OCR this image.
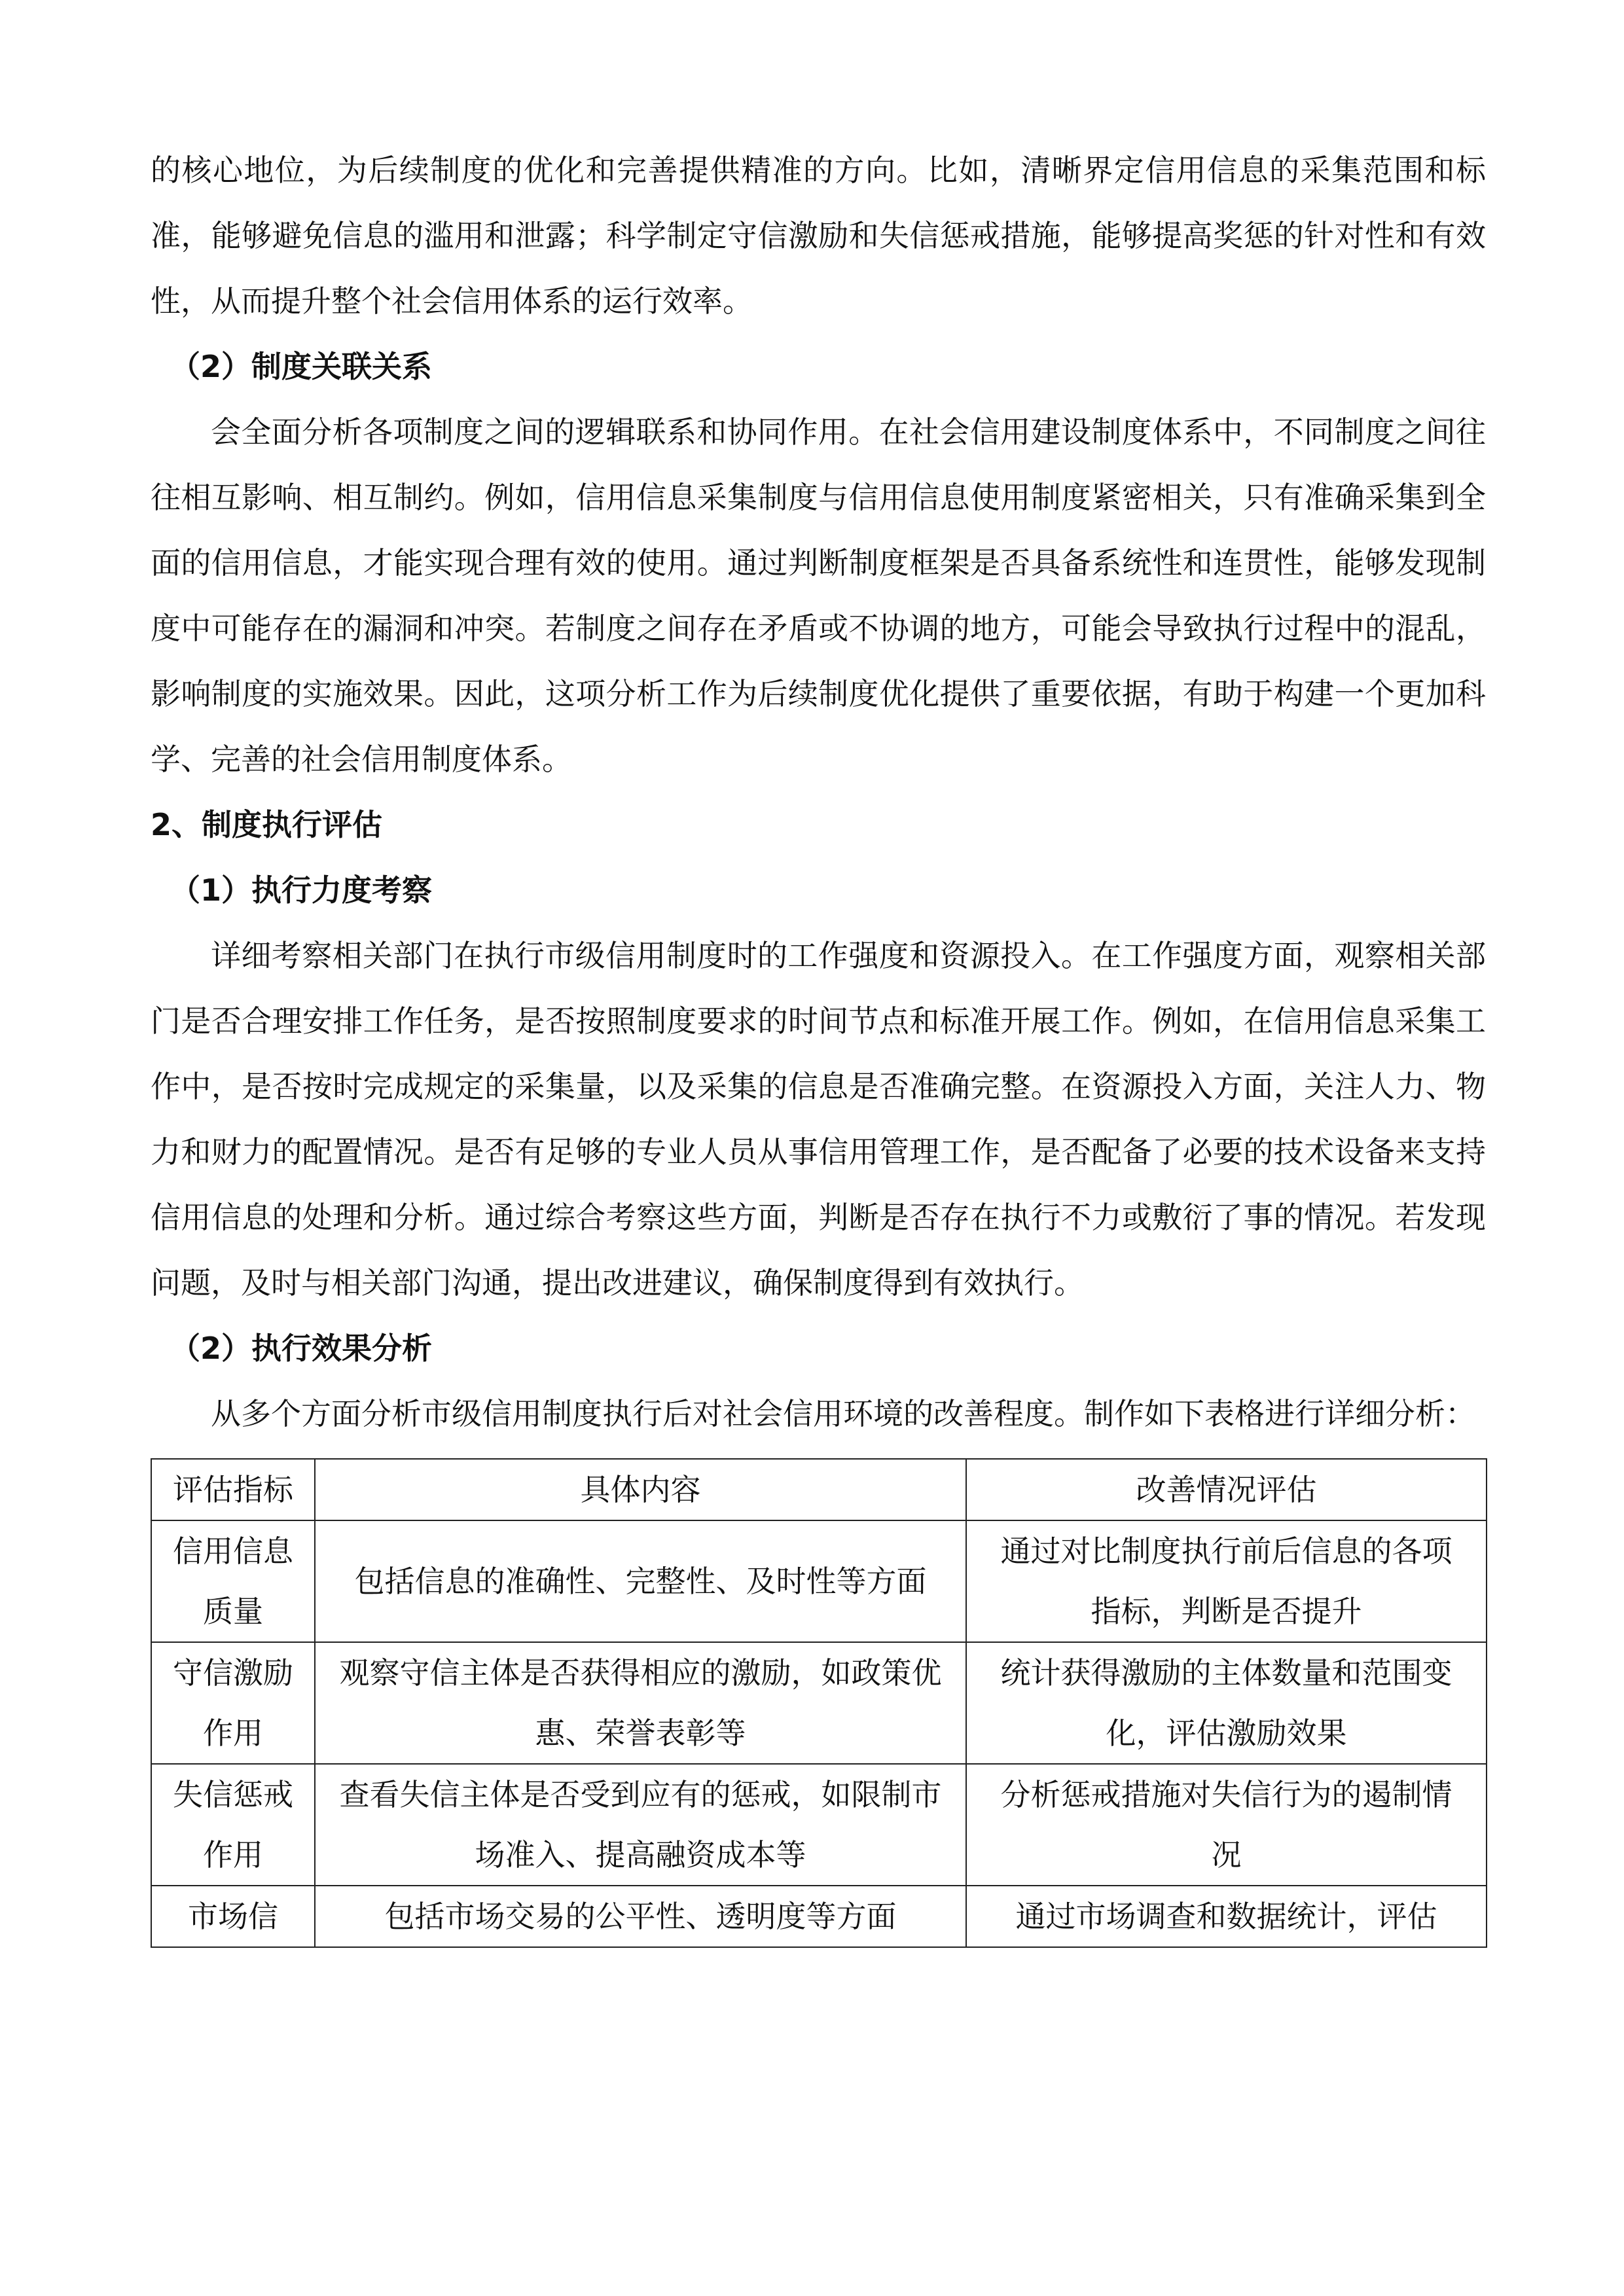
的核心地位，为后续制度的优化和完善提供精准的方向。比如，清晰界定信用信息的采集范围和标准，能够避免信息的滥用和泄露；科学制定守信激励和失信惩戒措施，能够提高奖惩的针对性和有效性，从而提升整个社会信用体系的运行效率。

（2）制度关联关系

会全面分析各项制度之间的逻辑联系和协同作用。在社会信用建设制度体系中，不同制度之间往往相互影响、相互制约。例如，信用信息采集制度与信用信息使用制度紧密相关，只有准确采集到全面的信用信息，才能实现合理有效的使用。通过判断制度框架是否具备系统性和连贯性，能够发现制度中可能存在的漏洞和冲突。若制度之间存在矛盾或不协调的地方，可能会导致执行过程中的混乱，影响制度的实施效果。因此，这项分析工作为后续制度优化提供了重要依据，有助于构建一个更加科学、完善的社会信用制度体系。

2、制度执行评估

（1）执行力度考察

详细考察相关部门在执行市级信用制度时的工作强度和资源投入。在工作强度方面，观察相关部门是否合理安排工作任务，是否按照制度要求的时间节点和标准开展工作。例如，在信用信息采集工作中，是否按时完成规定的采集量，以及采集的信息是否准确完整。在资源投入方面，关注人力、物力和财力的配置情况。是否有足够的专业人员从事信用管理工作，是否配备了必要的技术设备来支持信用信息的处理和分析。通过综合考察这些方面，判断是否存在执行不力或敷衍了事的情况。若发现问题，及时与相关部门沟通，提出改进建议，确保制度得到有效执行。

（2）执行效果分析

从多个方面分析市级信用制度执行后对社会信用环境的改善程度。制作如下表格进行详细分析：

评估指标	具体内容	改善情况评估
信用信息质量	包括信息的准确性、完整性、及时性等方面	通过对比制度执行前后信息的各项指标，判断是否提升
守信激励作用	观察守信主体是否获得相应的激励，如政策优惠、荣誉表彰等	统计获得激励的主体数量和范围变化，评估激励效果
失信惩戒作用	查看失信主体是否受到应有的惩戒，如限制市场准入、提高融资成本等	分析惩戒措施对失信行为的遏制情况
市场信	包括市场交易的公平性、透明度等方面	通过市场调查和数据统计，评估
